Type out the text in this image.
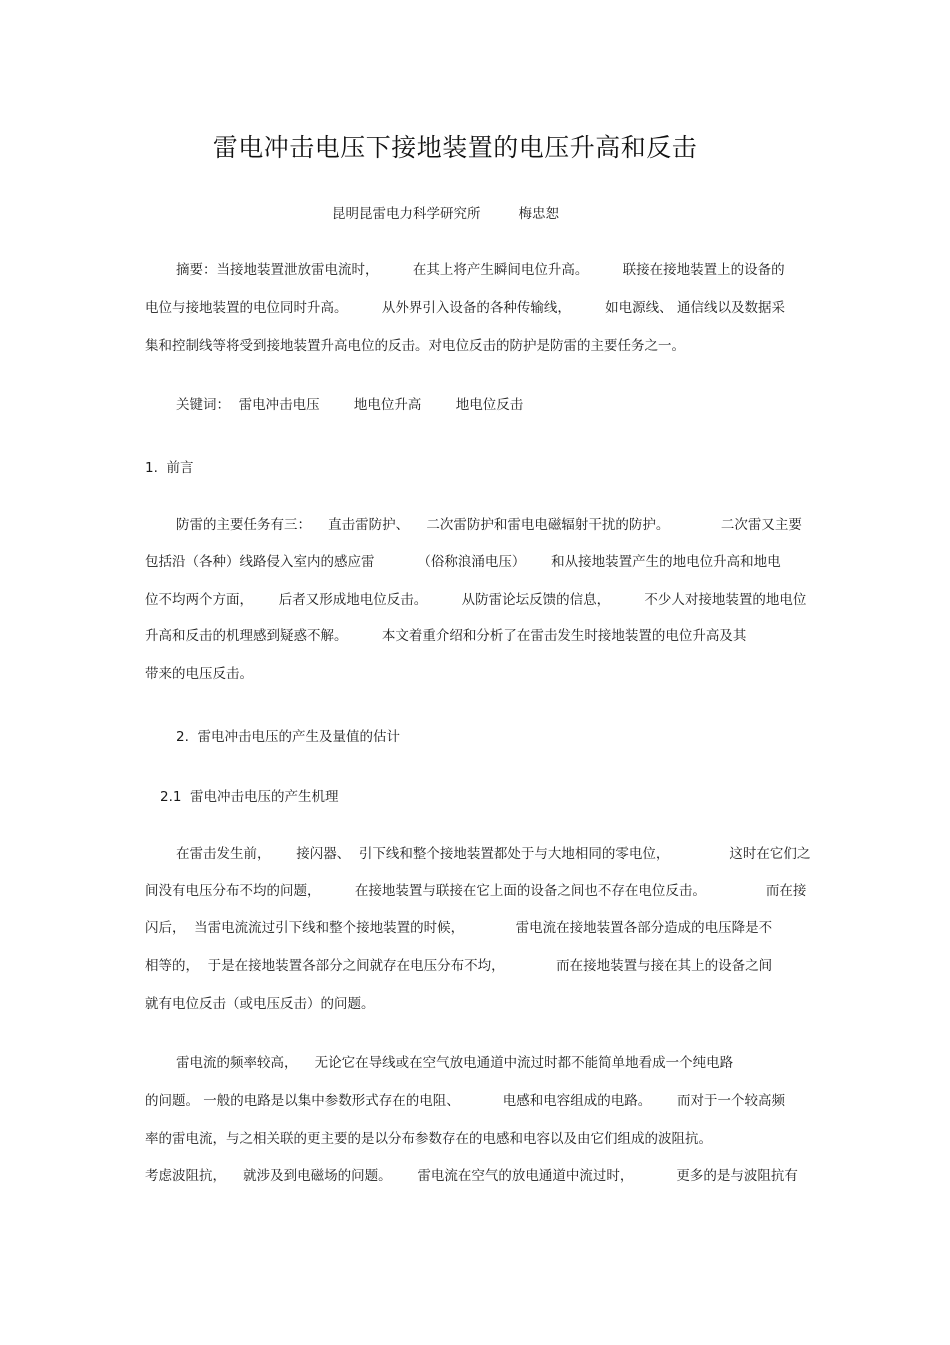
雷电冲击电压下接地装置的电压升高和反击
昆明昆雷电力科学研究所	梅忠恕
摘要：当接地装置泄放雷电流时，        在其上将产生瞬间电位升高。        联接在接地装置上的设备的
电位与接地装置的电位同时升高。        从外界引入设备的各种传输线，        如电源线、 通信线以及数据采
集和控制线等将受到接地装置升高电位的反击。对电位反击的防护是防雷的主要任务之一。
关键词：  雷电冲击电压        地电位升高        地电位反击
1.  前言
防雷的主要任务有三：    直击雷防护、    二次雷防护和雷电电磁辐射干扰的防护。            二次雷又主要
包括沿（各种）线路侵入室内的感应雷          （俗称浪涌电压）      和从接地装置产生的地电位升高和地电
位不均两个方面，      后者又形成地电位反击。        从防雷论坛反馈的信息，        不少人对接地装置的地电位
升高和反击的机理感到疑惑不解。        本文着重介绍和分析了在雷击发生时接地装置的电位升高及其
带来的电压反击。
2.  雷电冲击电压的产生及量值的估计
2.1  雷电冲击电压的产生机理
在雷击发生前，      接闪器、  引下线和整个接地装置都处于与大地相同的零电位，              这时在它们之
间没有电压分布不均的问题，        在接地装置与联接在它上面的设备之间也不存在电位反击。              而在接
闪后，  当雷电流流过引下线和整个接地装置的时候，            雷电流在接地装置各部分造成的电压降是不
相等的，  于是在接地装置各部分之间就存在电压分布不均，            而在接地装置与接在其上的设备之间
就有电位反击（或电压反击）的问题。
雷电流的频率较高，    无论它在导线或在空气放电通道中流过时都不能简单地看成一个纯电路
的问题。 一般的电路是以集中参数形式存在的电阻、          电感和电容组成的电路。      而对于一个较高频
率的雷电流，与之相关联的更主要的是以分布参数存在的电感和电容以及由它们组成的波阻抗。
考虑波阻抗，    就涉及到电磁场的问题。      雷电流在空气的放电通道中流过时，          更多的是与波阻抗有
